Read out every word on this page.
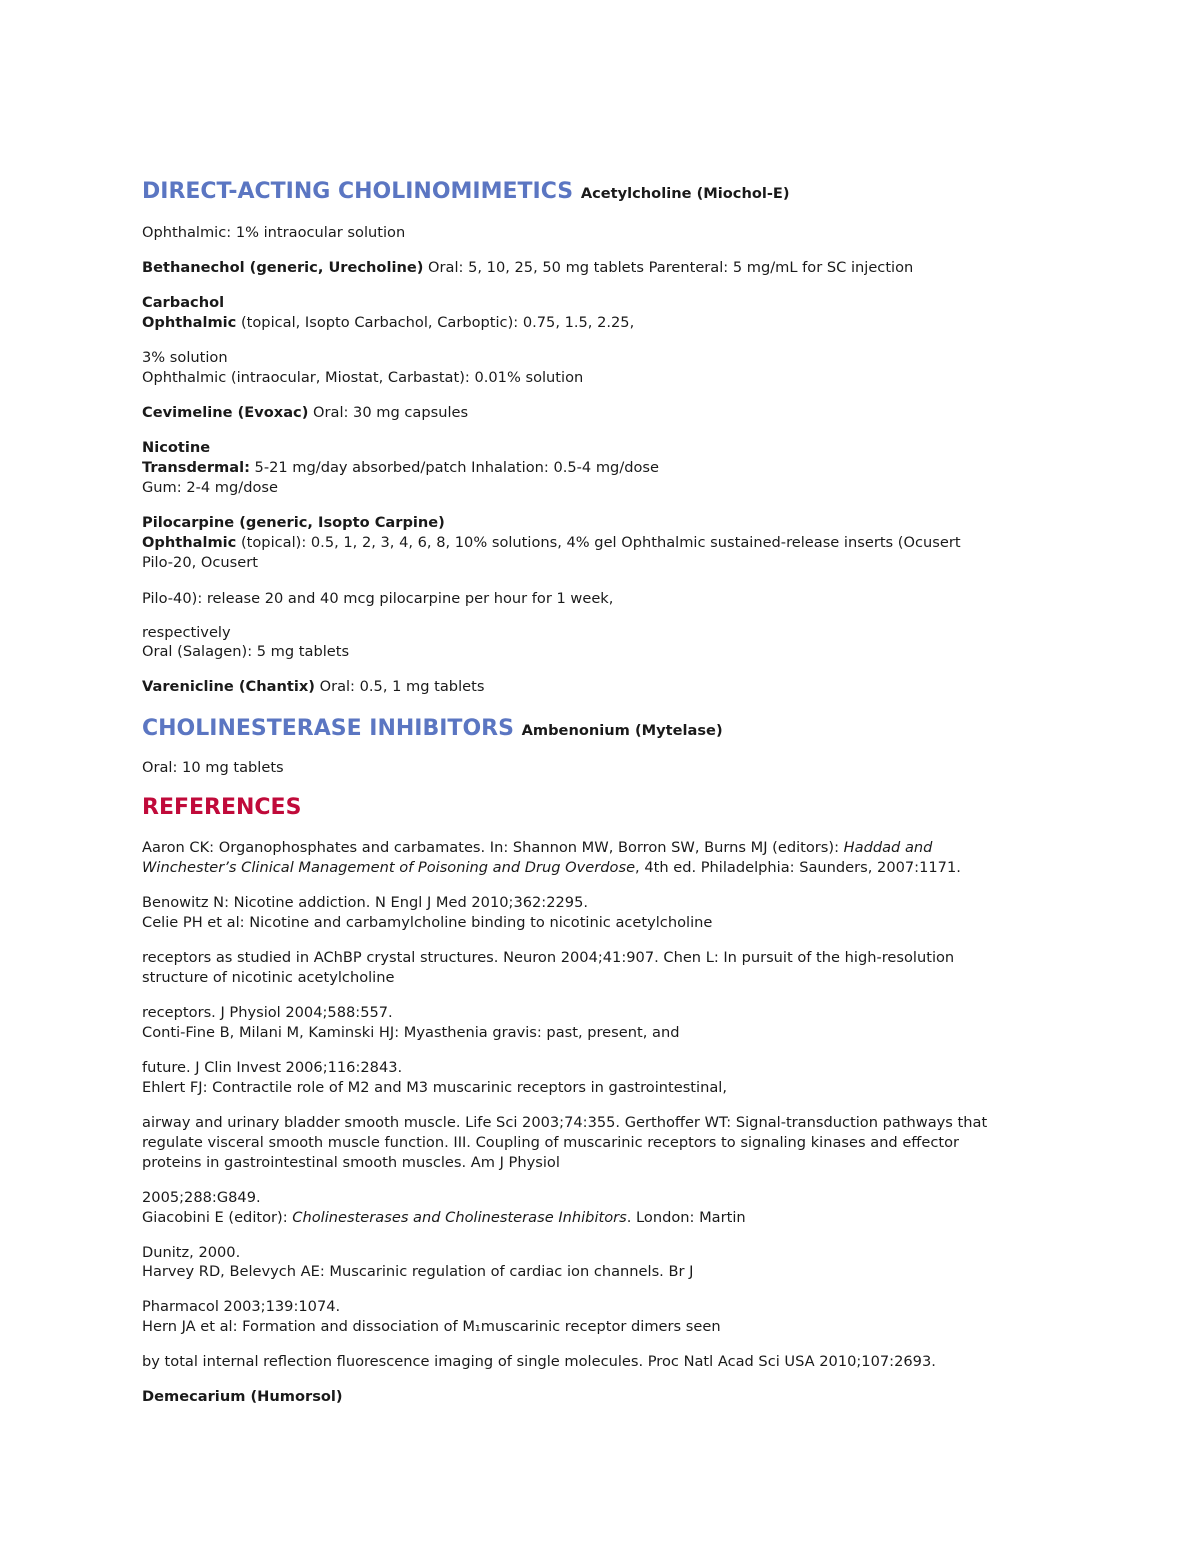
DIRECT-ACTING CHOLINOMIMETICS Acetylcholine (Miochol-E)
Ophthalmic: 1% intraocular solution
Bethanechol (generic, Urecholine) Oral: 5, 10, 25, 50 mg tablets Parenteral: 5 mg/mL for SC injection
Carbachol
Ophthalmic (topical, Isopto Carbachol, Carboptic): 0.75, 1.5, 2.25,
3% solution
Ophthalmic (intraocular, Miostat, Carbastat): 0.01% solution
Cevimeline (Evoxac) Oral: 30 mg capsules
Nicotine
Transdermal: 5-21 mg/day absorbed/patch Inhalation: 0.5-4 mg/dose
Gum: 2-4 mg/dose
Pilocarpine (generic, Isopto Carpine)
Ophthalmic (topical): 0.5, 1, 2, 3, 4, 6, 8, 10% solutions, 4% gel Ophthalmic sustained-release inserts (Ocusert
Pilo-20, Ocusert
Pilo-40): release 20 and 40 mcg pilocarpine per hour for 1 week,
respectively
Oral (Salagen): 5 mg tablets
Varenicline (Chantix) Oral: 0.5, 1 mg tablets
CHOLINESTERASE INHIBITORS Ambenonium (Mytelase)
Oral: 10 mg tablets
REFERENCES
Aaron CK: Organophosphates and carbamates. In: Shannon MW, Borron SW, Burns MJ (editors): Haddad and
Winchester’s Clinical Management of Poisoning and Drug Overdose, 4th ed. Philadelphia: Saunders, 2007:1171.
Benowitz N: Nicotine addiction. N Engl J Med 2010;362:2295.
Celie PH et al: Nicotine and carbamylcholine binding to nicotinic acetylcholine
receptors as studied in AChBP crystal structures. Neuron 2004;41:907. Chen L: In pursuit of the high-resolution
structure of nicotinic acetylcholine
receptors. J Physiol 2004;588:557.
Conti-Fine B, Milani M, Kaminski HJ: Myasthenia gravis: past, present, and
future. J Clin Invest 2006;116:2843.
Ehlert FJ: Contractile role of M2 and M3 muscarinic receptors in gastrointestinal,
airway and urinary bladder smooth muscle. Life Sci 2003;74:355. Gerthoffer WT: Signal-transduction pathways that
regulate visceral smooth muscle function. III. Coupling of muscarinic receptors to signaling kinases and effector
proteins in gastrointestinal smooth muscles. Am J Physiol
2005;288:G849.
Giacobini E (editor): Cholinesterases and Cholinesterase Inhibitors. London: Martin
Dunitz, 2000.
Harvey RD, Belevych AE: Muscarinic regulation of cardiac ion channels. Br J
Pharmacol 2003;139:1074.
Hern JA et al: Formation and dissociation of M₁muscarinic receptor dimers seen
by total internal reflection fluorescence imaging of single molecules. Proc Natl Acad Sci USA 2010;107:2693.
Demecarium (Humorsol)
